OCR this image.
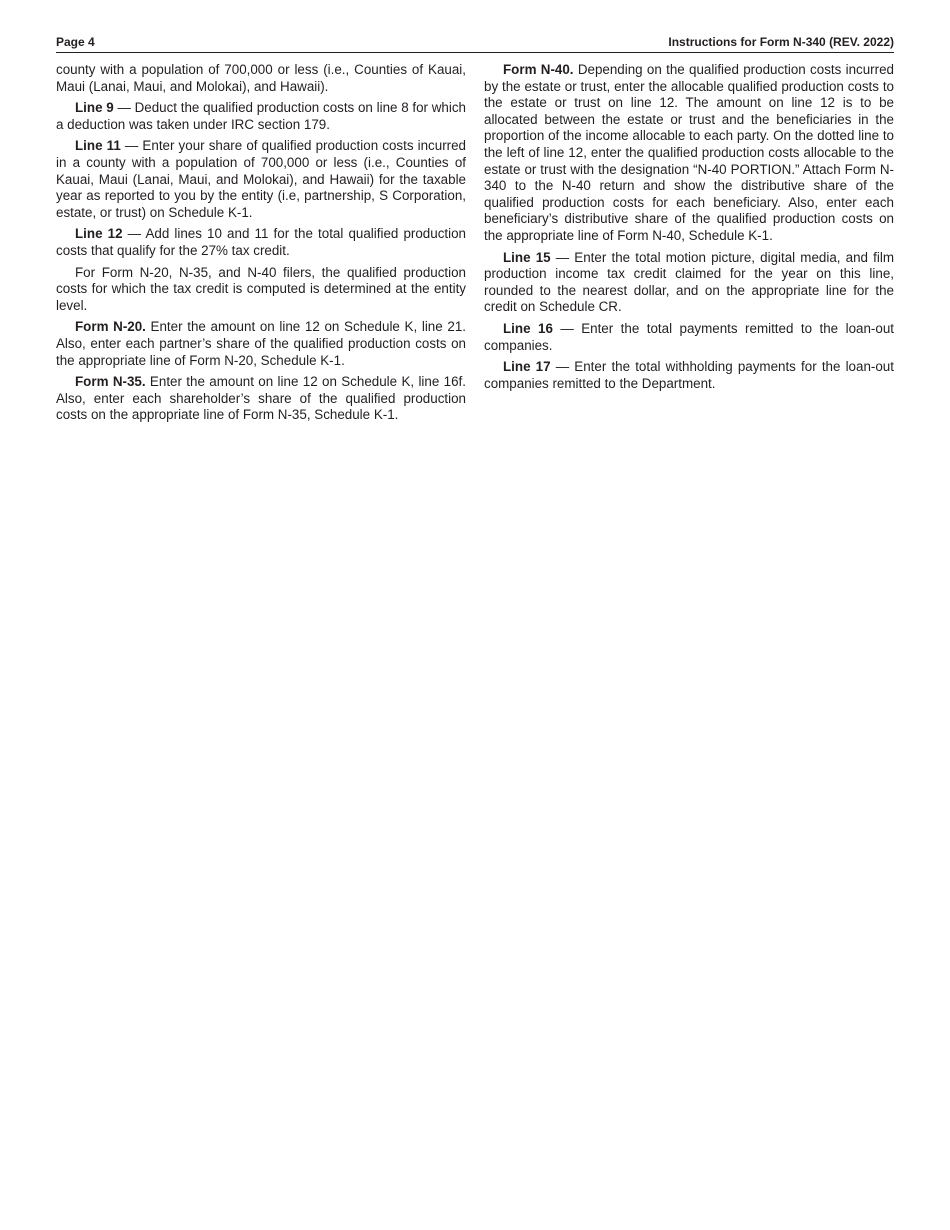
Page 4	Instructions for Form N-340 (REV. 2022)

county with a population of 700,000 or less (i.e., Counties of Kauai, Maui (Lanai, Maui, and Molokai), and Hawaii).

Line 9 — Deduct the qualified production costs on line 8 for which a deduction was taken under IRC section 179.

Line 11 — Enter your share of qualified production costs incurred in a county with a population of 700,000 or less (i.e., Counties of Kauai, Maui (Lanai, Maui, and Molokai), and Hawaii) for the taxable year as reported to you by the entity (i.e, partnership, S Corporation, estate, or trust) on Schedule K-1.

Line 12 — Add lines 10 and 11 for the total qualified production costs that qualify for the 27% tax credit.

For Form N-20, N-35, and N-40 filers, the qualified production costs for which the tax credit is computed is determined at the entity level.

Form N-20. Enter the amount on line 12 on Schedule K, line 21. Also, enter each partner’s share of the qualified production costs on the appropriate line of Form N-20, Schedule K-1.

Form N-35. Enter the amount on line 12 on Schedule K, line 16f. Also, enter each shareholder’s share of the qualified production costs on the appropriate line of Form N-35, Schedule K-1.

Form N-40. Depending on the qualified production costs incurred by the estate or trust, enter the allocable qualified production costs to the estate or trust on line 12. The amount on line 12 is to be allocated between the estate or trust and the beneficiaries in the proportion of the income allocable to each party. On the dotted line to the left of line 12, enter the qualified production costs allocable to the estate or trust with the designation “N-40 PORTION.” Attach Form N-340 to the N-40 return and show the distributive share of the qualified production costs for each beneficiary. Also, enter each beneficiary’s distributive share of the qualified production costs on the appropriate line of Form N-40, Schedule K-1.

Line 15 — Enter the total motion picture, digital media, and film production income tax credit claimed for the year on this line, rounded to the nearest dollar, and on the appropriate line for the credit on Schedule CR.

Line 16 — Enter the total payments remitted to the loan-out companies.

Line 17 — Enter the total withholding payments for the loan-out companies remitted to the Department.
